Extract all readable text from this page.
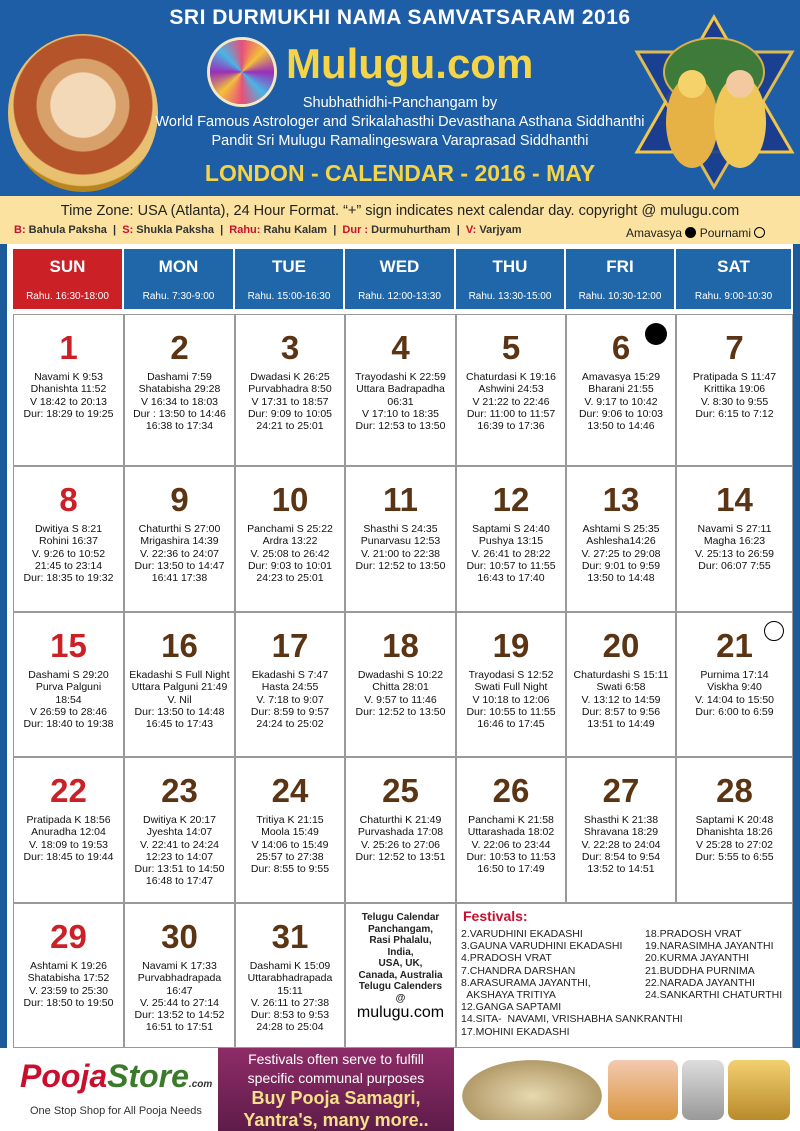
SRI DURMUKHI NAMA SAMVATSARAM 2016
Mulugu.com
Shubhathidhi-Panchangam by
World Famous Astrologer and Srikalahasthi Devasthana Asthana Siddhanthi
Pandit Sri Mulugu Ramalingeswara Varaprasad Siddhanthi
LONDON - CALENDAR - 2016 - MAY
Time Zone: USA (Atlanta), 24 Hour Format. “+” sign indicates next calendar day. copyright @ mulugu.com
B: Bahula Paksha  |  S: Shukla Paksha  |  Rahu: Rahu Kalam  |  Dur : Durmuhurtham  |  V: Varjyam	Amavasya Pournami
SUN
Rahu. 16:30-18:00
MON
Rahu. 7:30-9:00
TUE
Rahu. 15:00-16:30
WED
Rahu. 12:00-13:30
THU
Rahu. 13:30-15:00
FRI
Rahu. 10:30-12:00
SAT
Rahu. 9:00-10:30
1
Navami K 9:53
Dhanishta 11:52
V 18:42 to 20:13
Dur: 18:29 to 19:25
2
Dashami 7:59
Shatabisha 29:28
V 16:34 to 18:03
Dur : 13:50 to 14:46
16:38 to 17:34
3
Dwadasi K 26:25
Purvabhadra 8:50
V 17:31 to 18:57
Dur: 9:09 to 10:05
24:21 to 25:01
4
Trayodashi K 22:59
Uttara Badrapadha
06:31
V 17:10 to 18:35
Dur: 12:53 to 13:50
5
Chaturdasi K 19:16
Ashwini 24:53
V 21:22 to 22:46
Dur: 11:00 to 11:57
16:39 to 17:36
6
Amavasya 15:29
Bharani 21:55
V. 9:17 to 10:42
Dur: 9:06 to 10:03
13:50 to 14:46
7
Pratipada S 11:47
Krittika 19:06
V. 8:30 to 9:55
Dur: 6:15 to 7:12
8
Dwitiya S 8:21
Rohini 16:37
V. 9:26 to 10:52
21:45 to 23:14
Dur: 18:35 to 19:32
9
Chaturthi S 27:00
Mrigashira 14:39
V. 22:36 to 24:07
Dur: 13:50 to 14:47
16:41 17:38
10
Panchami S 25:22
Ardra 13:22
V. 25:08 to 26:42
Dur: 9:03 to 10:01
24:23 to 25:01
11
Shasthi S 24:35
Punarvasu 12:53
V. 21:00 to 22:38
Dur: 12:52 to 13:50
12
Saptami S 24:40
Pushya 13:15
V. 26:41 to 28:22
Dur: 10:57 to 11:55
16:43 to 17:40
13
Ashtami S 25:35
Ashlesha14:26
V. 27:25 to 29:08
Dur: 9:01 to 9:59
13:50 to 14:48
14
Navami S 27:11
Magha 16:23
V. 25:13 to 26:59
Dur: 06:07 7:55
15
Dashami S 29:20
Purva Palguni
18:54
V 26:59 to 28:46
Dur: 18:40 to 19:38
16
Ekadashi S Full Night
Uttara Palguni 21:49
V. Nil
Dur: 13:50 to 14:48
16:45 to 17:43
17
Ekadashi S 7:47
Hasta 24:55
V. 7:18 to 9:07
Dur: 8:59 to 9:57
24:24 to 25:02
18
Dwadashi S 10:22
Chitta 28:01
V. 9:57 to 11:46
Dur: 12:52 to 13:50
19
Trayodasi S 12:52
Swati Full Night
V 10:18 to 12:06
Dur: 10:55 to 11:55
16:46 to 17:45
20
Chaturdashi S 15:11
Swati 6:58
V. 13:12 to 14:59
Dur: 8:57 to 9:56
13:51 to 14:49
21
Purnima 17:14
Viskha 9:40
V. 14:04 to 15:50
Dur: 6:00 to 6:59
22
Pratipada K 18:56
Anuradha 12:04
V. 18:09 to 19:53
Dur: 18:45 to 19:44
23
Dwitiya K 20:17
Jyeshta 14:07
V. 22:41 to 24:24
12:23 to 14:07
Dur: 13:51 to 14:50
16:48 to 17:47
24
Tritiya K 21:15
Moola 15:49
V 14:06 to 15:49
25:57 to 27:38
Dur: 8:55 to 9:55
25
Chaturthi K 21:49
Purvashada 17:08
V. 25:26 to 27:06
Dur: 12:52 to 13:51
26
Panchami K 21:58
Uttarashada 18:02
V. 22:06 to 23:44
Dur: 10:53 to 11:53
16:50 to 17:49
27
Shasthi K 21:38
Shravana 18:29
V. 22:28 to 24:04
Dur: 8:54 to 9:54
13:52 to 14:51
28
Saptami K 20:48
Dhanishta 18:26
V 25:28 to 27:02
Dur: 5:55 to 6:55
29
Ashtami K 19:26
Shatabisha 17:52
V. 23:59 to 25:30
Dur: 18:50 to 19:50
30
Navami K 17:33
Purvabhadrapada
16:47
V. 25:44 to 27:14
Dur: 13:52 to 14:52
16:51 to 17:51
31
Dashami K 15:09
Uttarabhadrapada
15:11
V. 26:11 to 27:38
Dur: 8:53 to 9:53
24:28 to 25:04
Telugu Calendar
Panchangam,
Rasi Phalalu,
India,
USA, UK,
Canada, Australia
Telugu Calenders
@
mulugu.com
Festivals:
2.VARUDHINI EKADASHI
3.GAUNA VARUDHINI EKADASHI
4.PRADOSH VRAT
7.CHANDRA DARSHAN
8.ARASURAMA JAYANTHI,
AKSHAYA TRITIYA
12.GANGA SAPTAMI
14.SITA-  NAVAMI, VRISHABHA SANKRANTHI
17.MOHINI EKADASHI
18.PRADOSH VRAT
19.NARASIMHA JAYANTHI
20.KURMA JAYANTHI
21.BUDDHA PURNIMA
22.NARADA JAYANTHI
24.SANKARTHI CHATURTHI
PoojaStore.com
One Stop Shop for All Pooja Needs
Festivals often serve to fulfill
specific communal purposes
Buy Pooja Samagri,
Yantra's, many more..
